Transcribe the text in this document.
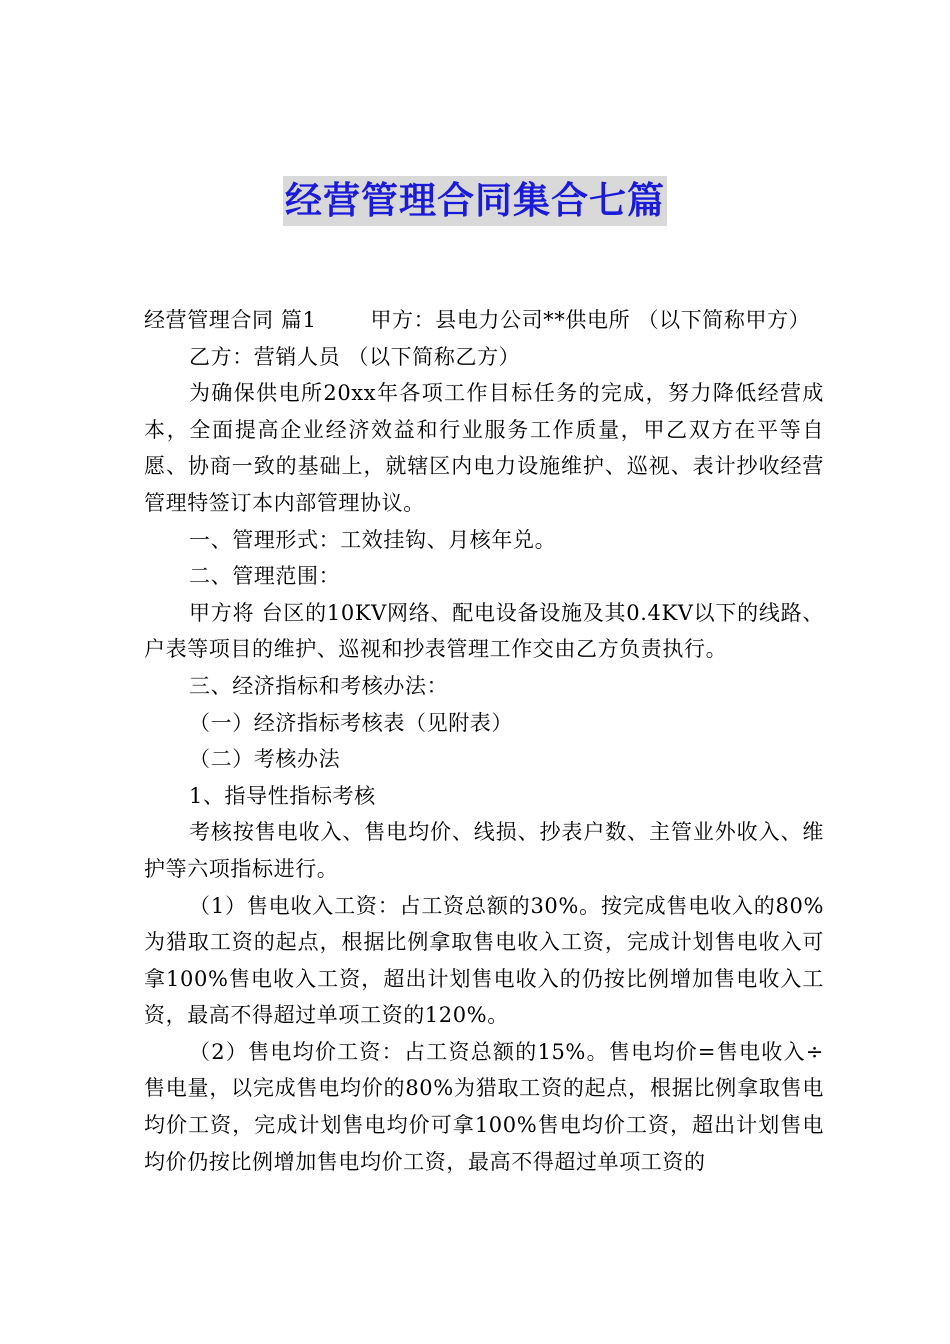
经营管理合同集合七篇

经营管理合同 篇1	甲方：县电力公司**供电所 （以下简称甲方）

乙方：营销人员 （以下简称乙方）

为确保供电所20xx年各项工作目标任务的完成，努力降低经营成本，全面提高企业经济效益和行业服务工作质量，甲乙双方在平等自愿、协商一致的基础上，就辖区内电力设施维护、巡视、表计抄收经营管理特签订本内部管理协议。

一、管理形式：工效挂钩、月核年兑。

二、管理范围：

甲方将 台区的10KV网络、配电设备设施及其0.4KV以下的线路、户表等项目的维护、巡视和抄表管理工作交由乙方负责执行。

三、经济指标和考核办法：

（一）经济指标考核表（见附表）

（二）考核办法

1、指导性指标考核

考核按售电收入、售电均价、线损、抄表户数、主管业外收入、维护等六项指标进行。

（1）售电收入工资：占工资总额的30%。按完成售电收入的80%为猎取工资的起点，根据比例拿取售电收入工资，完成计划售电收入可拿100%售电收入工资，超出计划售电收入的仍按比例增加售电收入工资，最高不得超过单项工资的120%。

（2）售电均价工资：占工资总额的15%。售电均价=售电收入÷售电量，以完成售电均价的80%为猎取工资的起点，根据比例拿取售电均价工资，完成计划售电均价可拿100%售电均价工资，超出计划售电均价仍按比例增加售电均价工资，最高不得超过单项工资的
